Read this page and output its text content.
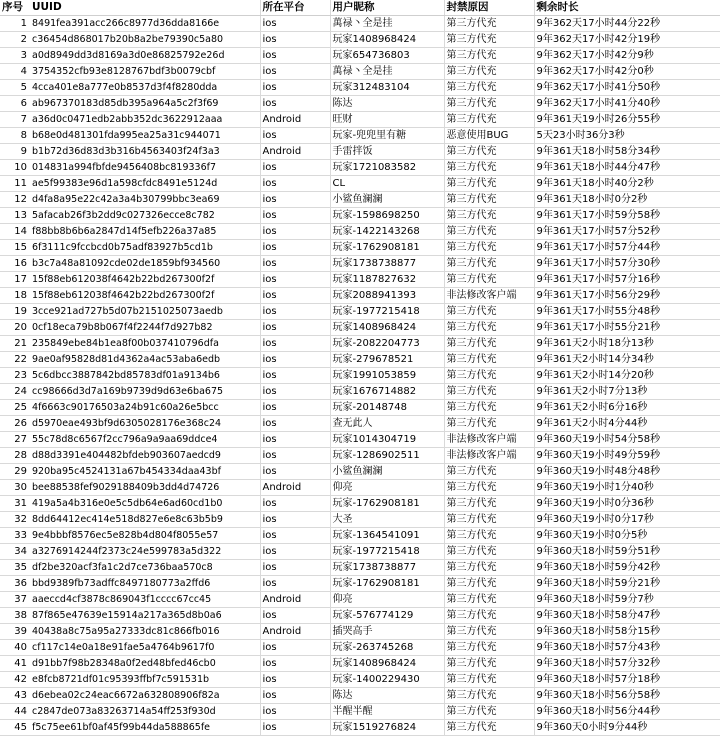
序号	UUID	所在平台	用户昵称	封禁原因	剩余时长
1	8491fea391acc266c8977d36dda8166e	ios	萬禄丶全是挂	第三方代充	9年362天17小时44分22秒
2	c36454d868017b20b8a2be79390c5a80	ios	玩家1408968424	第三方代充	9年362天17小时42分19秒
3	a0d8949dd3d8169a3d0e86825792e26d	ios	玩家654736803	第三方代充	9年362天17小时42分9秒
4	3754352cfb93e8128767bdf3b0079cbf	ios	萬禄丶全是挂	第三方代充	9年362天17小时42分0秒
5	4cca401e8a777e0b8537d3f4f8280dda	ios	玩家312483104	第三方代充	9年362天17小时41分50秒
6	ab967370183d85db395a964a5c2f3f69	ios	陈达	第三方代充	9年362天17小时41分40秒
7	a36d0c0471edb2abb352dc3622912aaa	Android	旺财	第三方代充	9年361天19小时26分55秒
8	b68e0d481301fda995ea25a31c944071	ios	玩家-兜兜里有糖	恶意使用BUG	5天23小时36分3秒
9	b1b72d36d83d3b316b4563403f24f3a3	Android	手雷拌饭	第三方代充	9年361天18小时58分34秒
10	014831a994fbfde9456408bc819336f7	ios	玩家1721083582	第三方代充	9年361天18小时44分47秒
11	ae5f99383e96d1a598cfdc8491e5124d	ios	CL	第三方代充	9年361天18小时40分2秒
12	d4fa8a95e22c42a3a4b30799bbc3ea69	ios	小鲨鱼澜澜	第三方代充	9年361天18小时0分2秒
13	5afacab26f3b2dd9c027326ecce8c782	ios	玩家-1598698250	第三方代充	9年361天17小时59分58秒
14	f88bb8b6b6a2847d14f5efb226a37a85	ios	玩家-1422143268	第三方代充	9年361天17小时57分52秒
15	6f3111c9fccbcd0b75adf83927b5cd1b	ios	玩家-1762908181	第三方代充	9年361天17小时57分44秒
16	b3c7a48a81092cde02de1859bf934560	ios	玩家1738738877	第三方代充	9年361天17小时57分30秒
17	15f88eb612038f4642b22bd267300f2f	ios	玩家1187827632	第三方代充	9年361天17小时57分16秒
18	15f88eb612038f4642b22bd267300f2f	ios	玩家2088941393	非法修改客户端	9年361天17小时56分29秒
19	3cce921ad727b5d07b2151025073aedb	ios	玩家-1977215418	第三方代充	9年361天17小时55分48秒
20	0cf18eca79b8b067f4f2244f7d927b82	ios	玩家1408968424	第三方代充	9年361天17小时55分21秒
21	235849ebe84b1ea8f00b037410796dfa	ios	玩家-2082204773	第三方代充	9年361天2小时18分13秒
22	9ae0af95828d81d4362a4ac53aba6edb	ios	玩家-279678521	第三方代充	9年361天2小时14分34秒
23	5c6dbcc3887842bd85783df01a9134b6	ios	玩家1991053859	第三方代充	9年361天2小时14分20秒
24	cc98666d3d7a169b9739d9d63e6ba675	ios	玩家1676714882	第三方代充	9年361天2小时7分13秒
25	4f6663c90176503a24b91c60a26e5bcc	ios	玩家-20148748	第三方代充	9年361天2小时6分16秒
26	d5970eae493bf9d6305028176e368c24	ios	查无此人	第三方代充	9年361天2小时4分44秒
27	55c78d8c6567f2cc796a9a9aa69ddce4	ios	玩家1014304719	非法修改客户端	9年360天19小时54分58秒
28	d88d3391e404482bfdeb903607aedcd9	ios	玩家-1286902511	非法修改客户端	9年360天19小时49分59秒
29	920ba95c4524131a67b454334daa43bf	ios	小鲨鱼澜澜	第三方代充	9年360天19小时48分48秒
30	bee88538fef9029188409b3dd4d74726	Android	仰亮	第三方代充	9年360天19小时1分40秒
31	419a5a4b316e0e5c5db64e6ad60cd1b0	ios	玩家-1762908181	第三方代充	9年360天19小时0分36秒
32	8dd64412ec414e518d827e6e8c63b5b9	ios	大圣	第三方代充	9年360天19小时0分17秒
33	9e4bbbf8576ec5e828b4d804f8055e57	ios	玩家-1364541091	第三方代充	9年360天19小时0分5秒
34	a3276914244f2373c24e599783a5d322	ios	玩家-1977215418	第三方代充	9年360天18小时59分51秒
35	df2be320acf3fa1c2d7ce736baa570c8	ios	玩家1738738877	第三方代充	9年360天18小时59分42秒
36	bbd9389fb73adffc8497180773a2ffd6	ios	玩家-1762908181	第三方代充	9年360天18小时59分21秒
37	aaeccd4cf3878c869043f1cccc67cc45	Android	仰亮	第三方代充	9年360天18小时59分7秒
38	87f865e47639e15914a217a365d8b0a6	ios	玩家-576774129	第三方代充	9年360天18小时58分47秒
39	40438a8c75a95a27333dc81c866fb016	Android	插哭高手	第三方代充	9年360天18小时58分15秒
40	cf117c14e0a18e91fae5a4764b9617f0	ios	玩家-263745268	第三方代充	9年360天18小时57分43秒
41	d91bb7f98b28348a0f2ed48bfed46cb0	ios	玩家1408968424	第三方代充	9年360天18小时57分32秒
42	e8fcb8721df01c95393ffbf7c591531b	ios	玩家-1400229430	第三方代充	9年360天18小时57分18秒
43	d6ebea02c24eac6672a632808906f82a	ios	陈达	第三方代充	9年360天18小时56分58秒
44	c2847de073a83263714a54ff253f930d	ios	半醒半醒	第三方代充	9年360天18小时56分44秒
45	f5c75ee61bf0af45f99b44da588865fe	ios	玩家1519276824	第三方代充	9年360天0小时9分44秒
